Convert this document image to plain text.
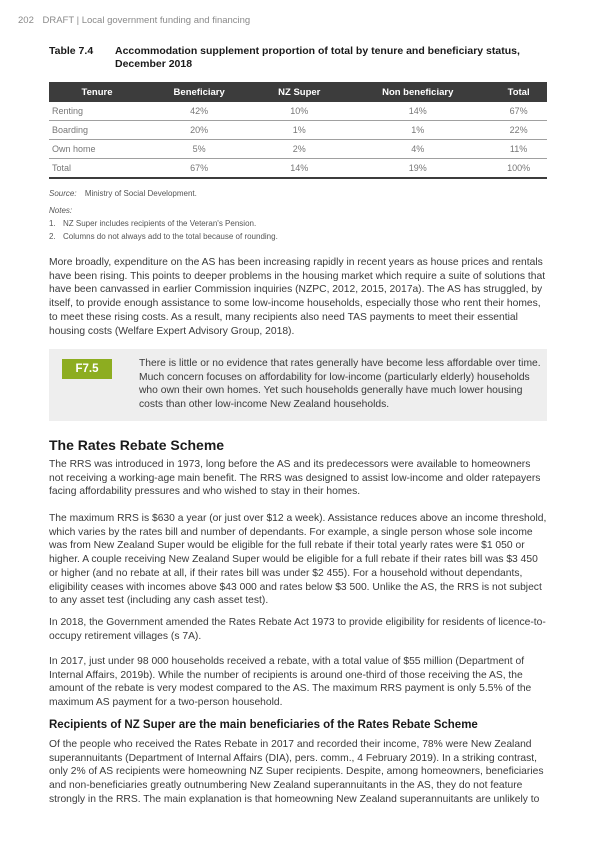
202 DRAFT | Local government funding and financing
Table 7.4	Accommodation supplement proportion of total by tenure and beneficiary status, December 2018
Tenure	Beneficiary	NZ Super	Non beneficiary	Total
Renting	42%	10%	14%	67%
Boarding	20%	1%	1%	22%
Own home	5%	2%	4%	11%
Total	67%	14%	19%	100%
Source: Ministry of Social Development.
Notes:
1. NZ Super includes recipients of the Veteran's Pension.
2. Columns do not always add to the total because of rounding.

More broadly, expenditure on the AS has been increasing rapidly in recent years as house prices and rentals have been rising. This points to deeper problems in the housing market which require a suite of solutions that have been canvassed in earlier Commission inquiries (NZPC, 2012, 2015, 2017a). The AS has struggled, by itself, to provide enough assistance to some low-income households, especially those who rent their homes, to meet these rising costs. As a result, many recipients also need TAS payments to meet their essential housing costs (Welfare Expert Advisory Group, 2018).

F7.5	There is little or no evidence that rates generally have become less affordable over time. Much concern focuses on affordability for low-income (particularly elderly) households who own their own homes. Yet such households generally have much lower housing costs than other low-income New Zealand households.
The Rates Rebate Scheme

The RRS was introduced in 1973, long before the AS and its predecessors were available to homeowners not receiving a working-age main benefit. The RRS was designed to assist low-income and older ratepayers facing affordability pressures and who wished to stay in their homes.

The maximum RRS is $630 a year (or just over $12 a week). Assistance reduces above an income threshold, which varies by the rates bill and number of dependants. For example, a single person whose sole income was from New Zealand Super would be eligible for the full rebate if their total yearly rates were $1 050 or higher. A couple receiving New Zealand Super would be eligible for a full rebate if their rates bill was $3 450 or higher (and no rebate at all, if their rates bill was under $2 455). For a household without dependants, eligibility ceases with incomes above $43 000 and rates below $3 500. Unlike the AS, the RRS is not subject to any asset test (including any cash asset test).

In 2018, the Government amended the Rates Rebate Act 1973 to provide eligibility for residents of licence-to-occupy retirement villages (s 7A).

In 2017, just under 98 000 households received a rebate, with a total value of $55 million (Department of Internal Affairs, 2019b). While the number of recipients is around one-third of those receiving the AS, the amount of the rebate is very modest compared to the AS. The maximum RRS payment is only 5.5% of the maximum AS payment for a two-person household.

Recipients of NZ Super are the main beneficiaries of the Rates Rebate Scheme

Of the people who received the Rates Rebate in 2017 and recorded their income, 78% were New Zealand superannuitants (Department of Internal Affairs (DIA), pers. comm., 4 February 2019). In a striking contrast, only 2% of AS recipients were homeowning NZ Super recipients. Despite, among homeowners, beneficiaries and non-beneficiaries greatly outnumbering New Zealand superannuitants in the AS, they do not feature strongly in the RRS. The main explanation is that homeowning New Zealand superannuitants are unlikely to
